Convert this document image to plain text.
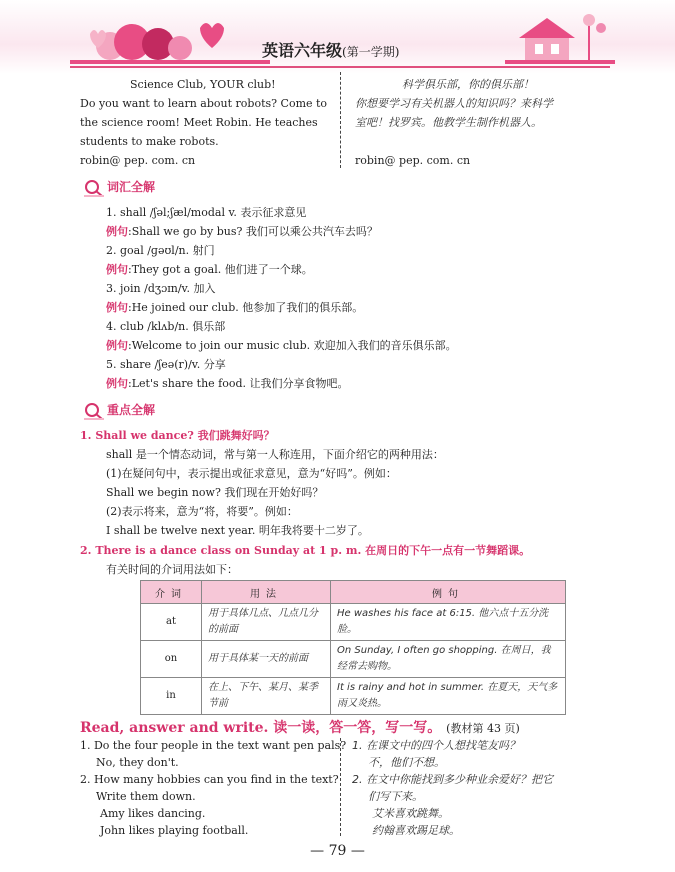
英语六年级(第一学期)
Science Club, YOUR club!
Do you want to learn about robots? Come to
the science room! Meet Robin. He teaches
students to make robots.
robin@ pep. com. cn
科学俱乐部，你的俱乐部！
你想要学习有关机器人的知识吗？来科学
室吧！找罗宾。他教学生制作机器人。
robin@ pep. com. cn
词汇全解
1. shall /ʃəl;ʃæl/modal v. 表示征求意见
例句:Shall we go by bus? 我们可以乘公共汽车去吗？
2. goal /ɡəʊl/n. 射门
例句:They got a goal. 他们进了一个球。
3. join /dʒɔɪn/v. 加入
例句:He joined our club. 他参加了我们的俱乐部。
4. club /klʌb/n. 俱乐部
例句:Welcome to join our music club. 欢迎加入我们的音乐俱乐部。
5. share /ʃeə(r)/v. 分享
例句:Let's share the food. 让我们分享食物吧。
重点全解
1. Shall we dance? 我们跳舞好吗？
shall 是一个情态动词，常与第一人称连用，下面介绍它的两种用法：
(1)在疑问句中，表示提出或征求意见，意为“好吗”。例如：
Shall we begin now? 我们现在开始好吗？
(2)表示将来，意为“将，将要”。例如：
I shall be twelve next year. 明年我将要十二岁了。
2. There is a dance class on Sunday at 1 p. m. 在周日的下午一点有一节舞蹈课。
有关时间的介词用法如下：
介词	用法	例句
at	用于具体几点、几点几分的前面	He washes his face at 6:15. 他六点十五分洗脸。
on	用于具体某一天的前面	On Sunday, I often go shopping. 在周日，我经常去购物。
in	在上、下午、某月、某季节前	It is rainy and hot in summer. 在夏天，天气多雨又炎热。
Read, answer and write. 读一读，答一答，写一写。 (教材第 43 页)
1. Do the four people in the text want pen pals?
No, they don't.
2. How many hobbies can you find in the text?
Write them down.
Amy likes dancing.
John likes playing football.
1. 在课文中的四个人想找笔友吗？
不，他们不想。
2. 在文中你能找到多少种业余爱好？把它
们写下来。
艾米喜欢跳舞。
约翰喜欢踢足球。
— 79 —
